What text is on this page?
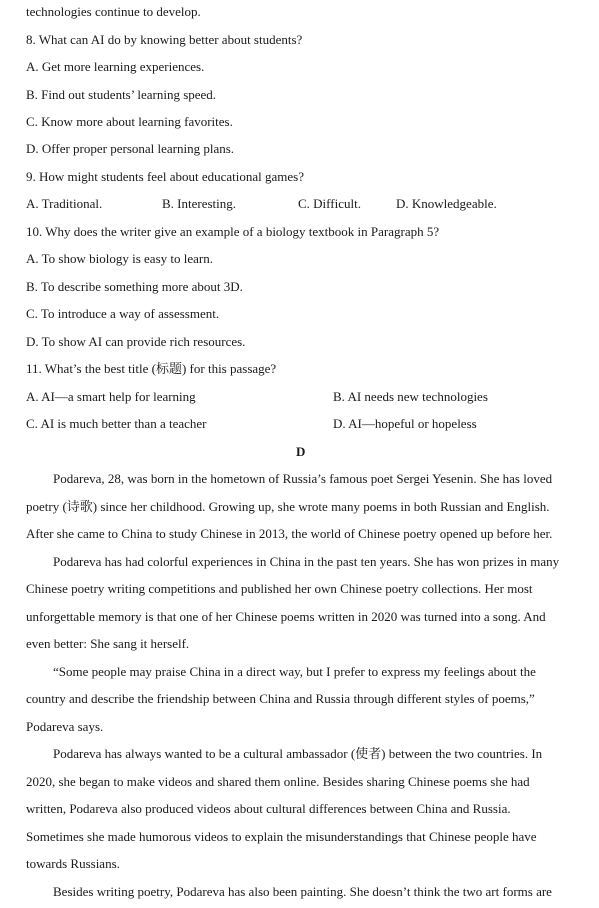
technologies continue to develop.
8. What can AI do by knowing better about students?
A. Get more learning experiences.
B. Find out students’ learning speed.
C. Know more about learning favorites.
D. Offer proper personal learning plans.
9. How might students feel about educational games?
A. Traditional.	B. Interesting.	C. Difficult.	D. Knowledgeable.
10. Why does the writer give an example of a biology textbook in Paragraph 5?
A. To show biology is easy to learn.
B. To describe something more about 3D.
C. To introduce a way of assessment.
D. To show AI can provide rich resources.
11. What’s the best title (标题) for this passage?
A. AI—a smart help for learning	B. AI needs new technologies
C. AI is much better than a teacher	D. AI—hopeful or hopeless
D
Podareva, 28, was born in the hometown of Russia’s famous poet Sergei Yesenin. She has loved
poetry (诗歌) since her childhood. Growing up, she wrote many poems in both Russian and English.
After she came to China to study Chinese in 2013, the world of Chinese poetry opened up before her.
Podareva has had colorful experiences in China in the past ten years. She has won prizes in many
Chinese poetry writing competitions and published her own Chinese poetry collections. Her most
unforgettable memory is that one of her Chinese poems written in 2020 was turned into a song. And
even better: She sang it herself.
“Some people may praise China in a direct way, but I prefer to express my feelings about the
country and describe the friendship between China and Russia through different styles of poems,”
Podareva says.
Podareva has always wanted to be a cultural ambassador (使者) between the two countries. In
2020, she began to make videos and shared them online. Besides sharing Chinese poems she had
written, Podareva also produced videos about cultural differences between China and Russia.
Sometimes she made humorous videos to explain the misunderstandings that Chinese people have
towards Russians.
Besides writing poetry, Podareva has also been painting. She doesn’t think the two art forms are
